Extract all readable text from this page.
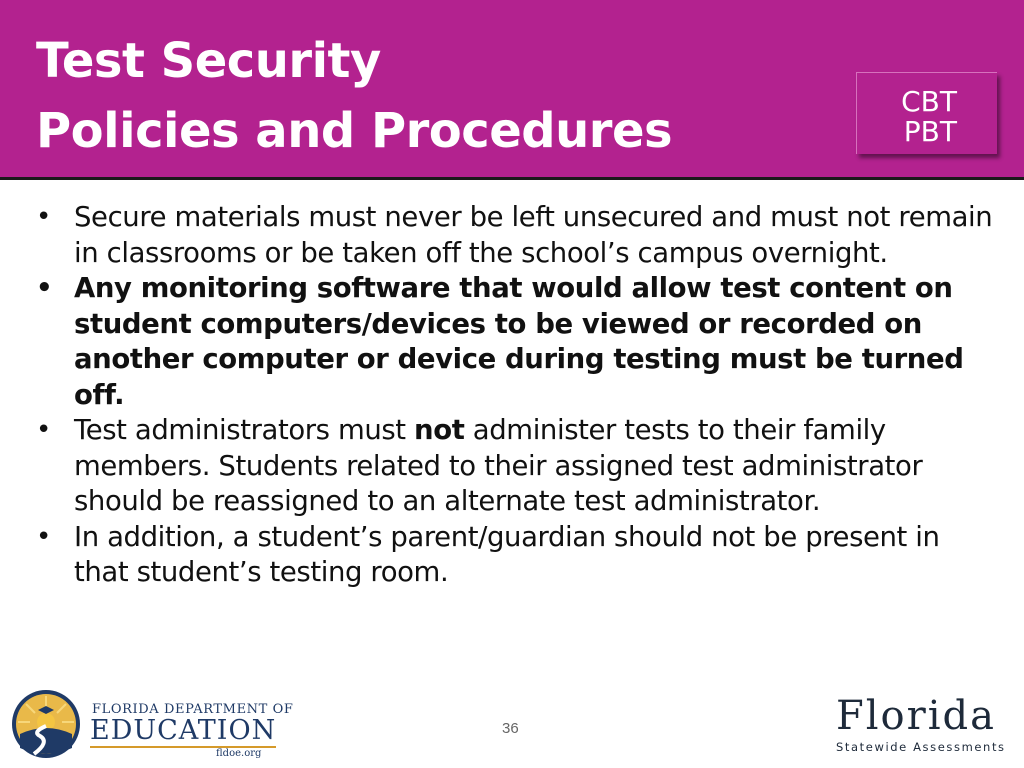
Test Security
Policies and Procedures
CBT
PBT
• Secure materials must never be left unsecured and must not remain in classrooms or be taken off the school’s campus overnight.
• Any monitoring software that would allow test content on student computers/devices to be viewed or recorded on another computer or device during testing must be turned off.
• Test administrators must not administer tests to their family members. Students related to their assigned test administrator should be reassigned to an alternate test administrator.
• In addition, a student’s parent/guardian should not be present in that student’s testing room.
36
FLORIDA DEPARTMENT OF
EDUCATION
fldoe.org
Florida
Statewide Assessments
